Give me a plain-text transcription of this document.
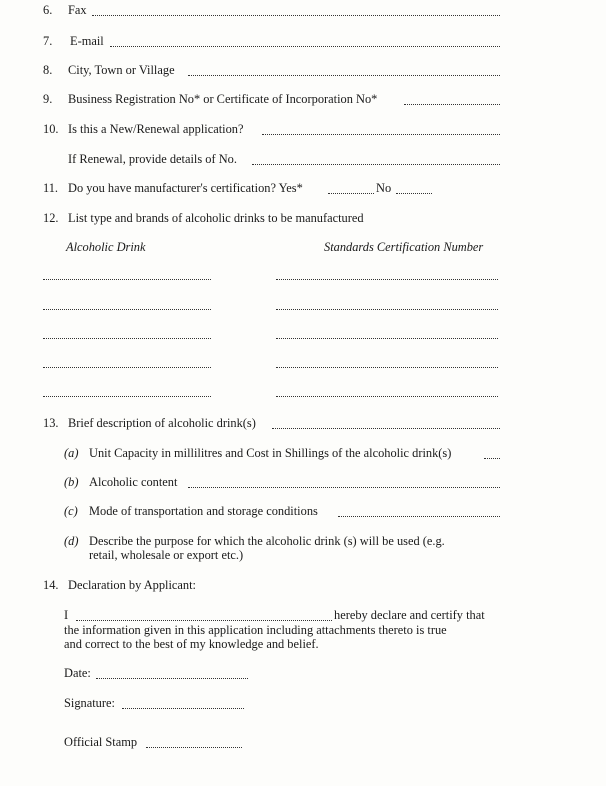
6. Fax
7. E-mail
8. City, Town or Village
9. Business Registration No* or Certificate of Incorporation No*
10. Is this a New/Renewal application?
If Renewal, provide details of No.
11. Do you have manufacturer's certification? Yes*	No
12. List type and brands of alcoholic drinks to be manufactured
Alcoholic Drink	Standards Certification Number
13. Brief description of alcoholic drink(s)
(a) Unit Capacity in millilitres and Cost in Shillings of the alcoholic drink(s)
(b) Alcoholic content
(c) Mode of transportation and storage conditions
(d) Describe the purpose for which the alcoholic drink (s) will be used (e.g.
retail, wholesale or export etc.)
14. Declaration by Applicant:
I	hereby declare and certify that
the information given in this application including attachments thereto is true
and correct to the best of my knowledge and belief.
Date:
Signature:
Official Stamp
